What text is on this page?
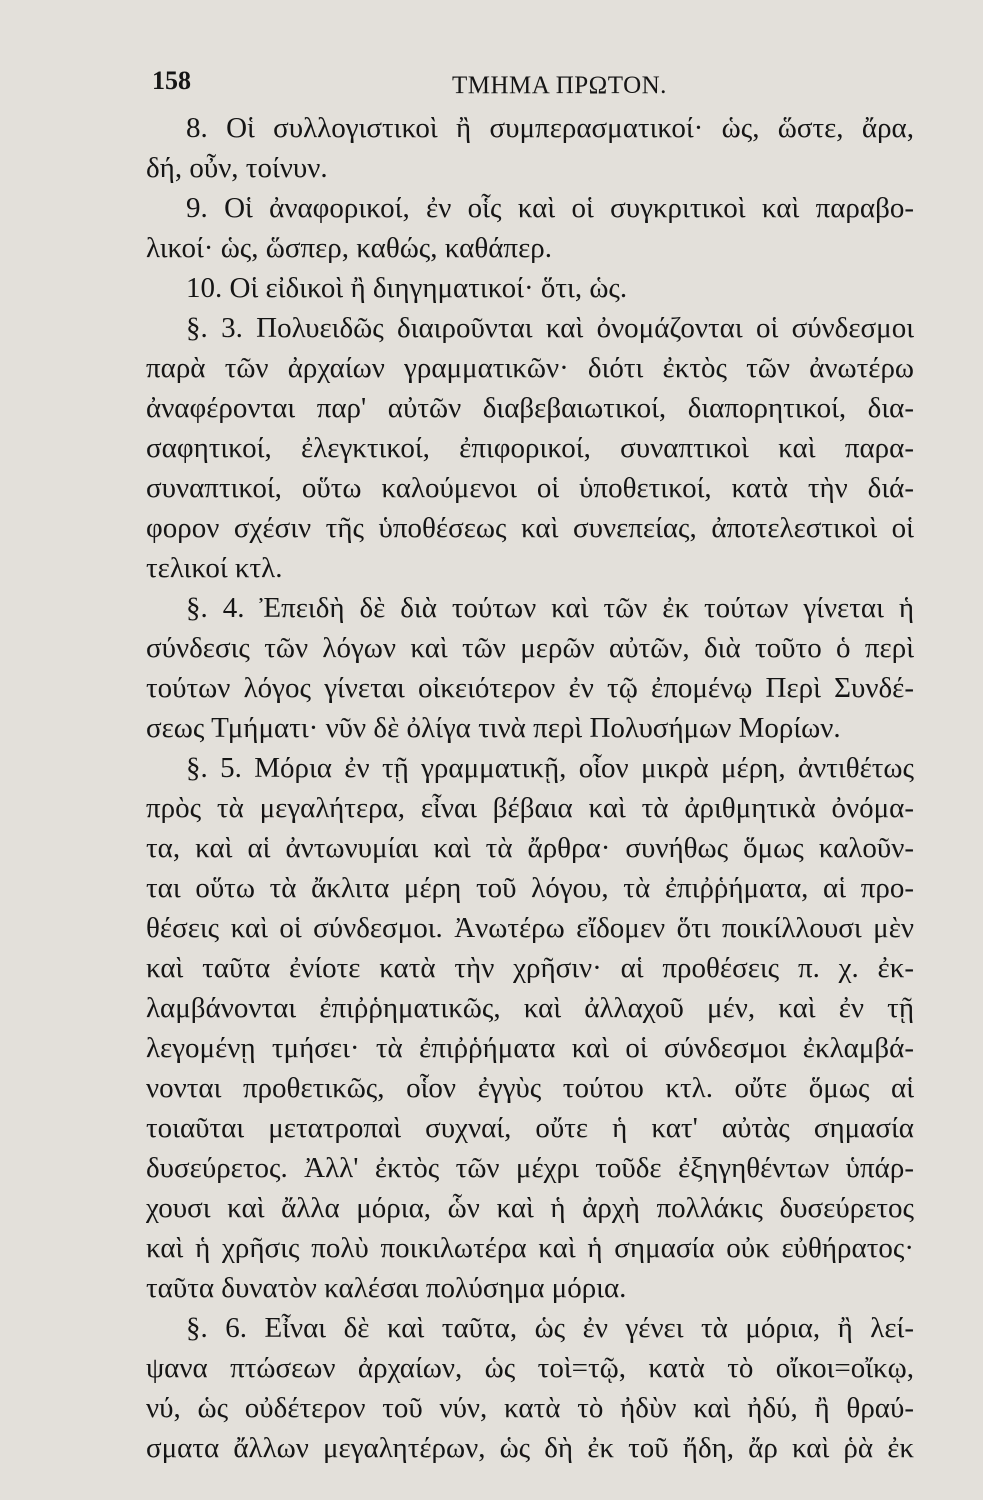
158	ΤΜΗΜΑ ΠΡΩΤΟΝ.
8. Οἱ συλλογιστικοὶ ἢ συμπερασματικοί· ὡς, ὥστε, ἄρα,
δή, οὖν, τοίνυν.
9. Οἱ ἀναφορικοί, ἐν οἷς καὶ οἱ συγκριτικοὶ καὶ παραβο-
λικοί· ὡς, ὥσπερ, καθώς, καθάπερ.
10. Οἱ εἰδικοὶ ἢ διηγηματικοί· ὅτι, ὡς.
§. 3. Πολυειδῶς διαιροῦνται καὶ ὀνομάζονται οἱ σύνδεσμοι
παρὰ τῶν ἀρχαίων γραμματικῶν· διότι ἐκτὸς τῶν ἀνωτέρω
ἀναφέρονται παρ' αὐτῶν διαβεβαιωτικοί, διαπορητικοί, δια-
σαφητικοί, ἐλεγκτικοί, ἐπιφορικοί, συναπτικοὶ καὶ παρα-
συναπτικοί, οὕτω καλούμενοι οἱ ὑποθετικοί, κατὰ τὴν διά-
φορον σχέσιν τῆς ὑποθέσεως καὶ συνεπείας, ἀποτελεστικοὶ οἱ
τελικοί κτλ.
§. 4. Ἐπειδὴ δὲ διὰ τούτων καὶ τῶν ἐκ τούτων γίνεται ἡ
σύνδεσις τῶν λόγων καὶ τῶν μερῶν αὐτῶν, διὰ τοῦτο ὁ περὶ
τούτων λόγος γίνεται οἰκειότερον ἐν τῷ ἐπομένῳ Περὶ Συνδέ-
σεως Τμήματι· νῦν δὲ ὀλίγα τινὰ περὶ Πολυσήμων Μορίων.
§. 5. Μόρια ἐν τῇ γραμματικῇ, οἷον μικρὰ μέρη, ἀντιθέτως
πρὸς τὰ μεγαλήτερα, εἶναι βέβαια καὶ τὰ ἀριθμητικὰ ὀνόμα-
τα, καὶ αἱ ἀντωνυμίαι καὶ τὰ ἄρθρα· συνήθως ὅμως καλοῦν-
ται οὕτω τὰ ἄκλιτα μέρη τοῦ λόγου, τὰ ἐπιῤῥήματα, αἱ προ-
θέσεις καὶ οἱ σύνδεσμοι. Ἀνωτέρω εἴδομεν ὅτι ποικίλλουσι μὲν
καὶ ταῦτα ἐνίοτε κατὰ τὴν χρῆσιν· αἱ προθέσεις π. χ. ἐκ-
λαμβάνονται ἐπιῤῥηματικῶς, καὶ ἀλλαχοῦ μέν, καὶ ἐν τῇ
λεγομένῃ τμήσει· τὰ ἐπιῤῥήματα καὶ οἱ σύνδεσμοι ἐκλαμβά-
νονται προθετικῶς, οἷον ἐγγὺς τούτου κτλ. οὔτε ὅμως αἱ
τοιαῦται μετατροπαὶ συχναί, οὔτε ἡ κατ' αὐτὰς σημασία
δυσεύρετος. Ἀλλ' ἐκτὸς τῶν μέχρι τοῦδε ἐξηγηθέντων ὑπάρ-
χουσι καὶ ἄλλα μόρια, ὧν καὶ ἡ ἀρχὴ πολλάκις δυσεύρετος
καὶ ἡ χρῆσις πολὺ ποικιλωτέρα καὶ ἡ σημασία οὐκ εὐθήρατος·
ταῦτα δυνατὸν καλέσαι πολύσημα μόρια.
§. 6. Εἶναι δὲ καὶ ταῦτα, ὡς ἐν γένει τὰ μόρια, ἢ λεί-
ψανα πτώσεων ἀρχαίων, ὡς τοὶ=τῷ, κατὰ τὸ οἴκοι=οἴκῳ,
νύ, ὡς οὐδέτερον τοῦ νύν, κατὰ τὸ ἠδὺν καὶ ἠδύ, ἢ θραύ-
σματα ἄλλων μεγαλητέρων, ὡς δὴ ἐκ τοῦ ἤδη, ἄρ καὶ ῥὰ ἐκ
